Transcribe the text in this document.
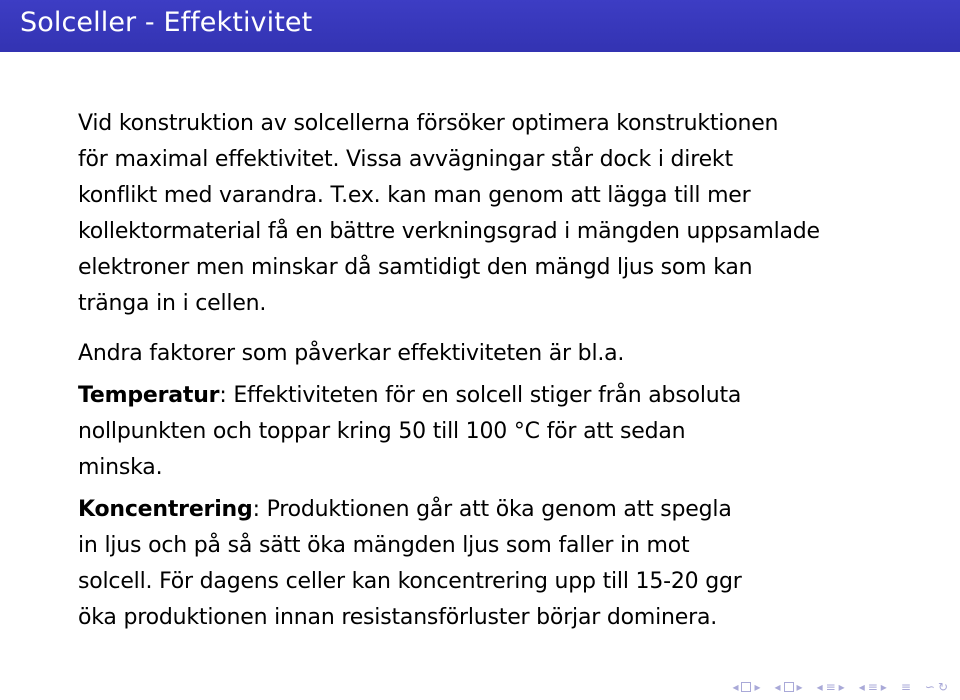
Solceller - Effektivitet

Vid konstruktion av solcellerna försöker optimera konstruktionen
för maximal effektivitet. Vissa avvägningar står dock i direkt
konflikt med varandra. T.ex. kan man genom att lägga till mer
kollektormaterial få en bättre verkningsgrad i mängden uppsamlade
elektroner men minskar då samtidigt den mängd ljus som kan
tränga in i cellen.

Andra faktorer som påverkar effektiviteten är bl.a.

Temperatur: Effektiviteten för en solcell stiger från absoluta
nollpunkten och toppar kring 50 till 100 °C för att sedan
minska.

Koncentrering: Produktionen går att öka genom att spegla
in ljus och på så sätt öka mängden ljus som faller in mot
solcell. För dagens celler kan koncentrering upp till 15-20 ggr
öka produktionen innan resistansförluster börjar dominera.

◂ ▸ ◂ ▸ ◂ ≡ ▸ ◂ ≡ ▸ ≡ ∽ ↻
